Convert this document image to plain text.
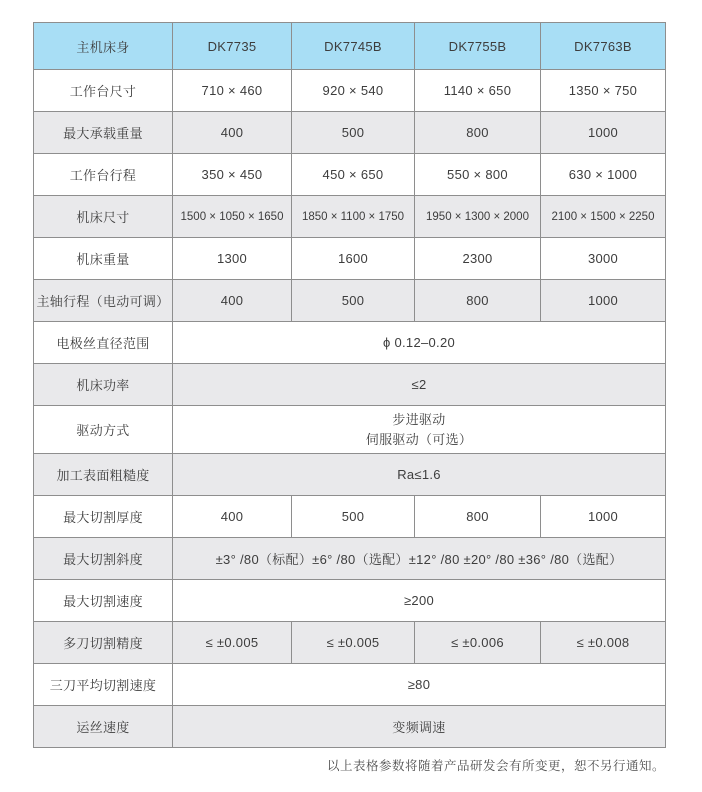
主机床身	DK7735	DK7745B	DK7755B	DK7763B
工作台尺寸	710 × 460	920 × 540	1140 × 650	1350 × 750
最大承载重量	400	500	800	1000
工作台行程	350 × 450	450 × 650	550 × 800	630 × 1000
机床尺寸	1500 × 1050 × 1650	1850 × 1100 × 1750	1950 × 1300 × 2000	2100 × 1500 × 2250
机床重量	1300	1600	2300	3000
主轴行程（电动可调）	400	500	800	1000
电极丝直径范围	ϕ 0.12–0.20			
机床功率	≤2			
驱动方式	步进驱动
伺服驱动（可选）			

加工表面粗糙度	Ra≤1.6			
最大切割厚度	400	500	800	1000
最大切割斜度	±3° /80（标配）±6° /80（选配）±12° /80 ±20° /80 ±36° /80（选配）			
最大切割速度	≥200			
多刀切割精度	≤ ±0.005	≤ ±0.005	≤ ±0.006	≤ ±0.008
三刀平均切割速度	≥80			
运丝速度	变频调速			
以上表格参数将随着产品研发会有所变更，恕不另行通知。
